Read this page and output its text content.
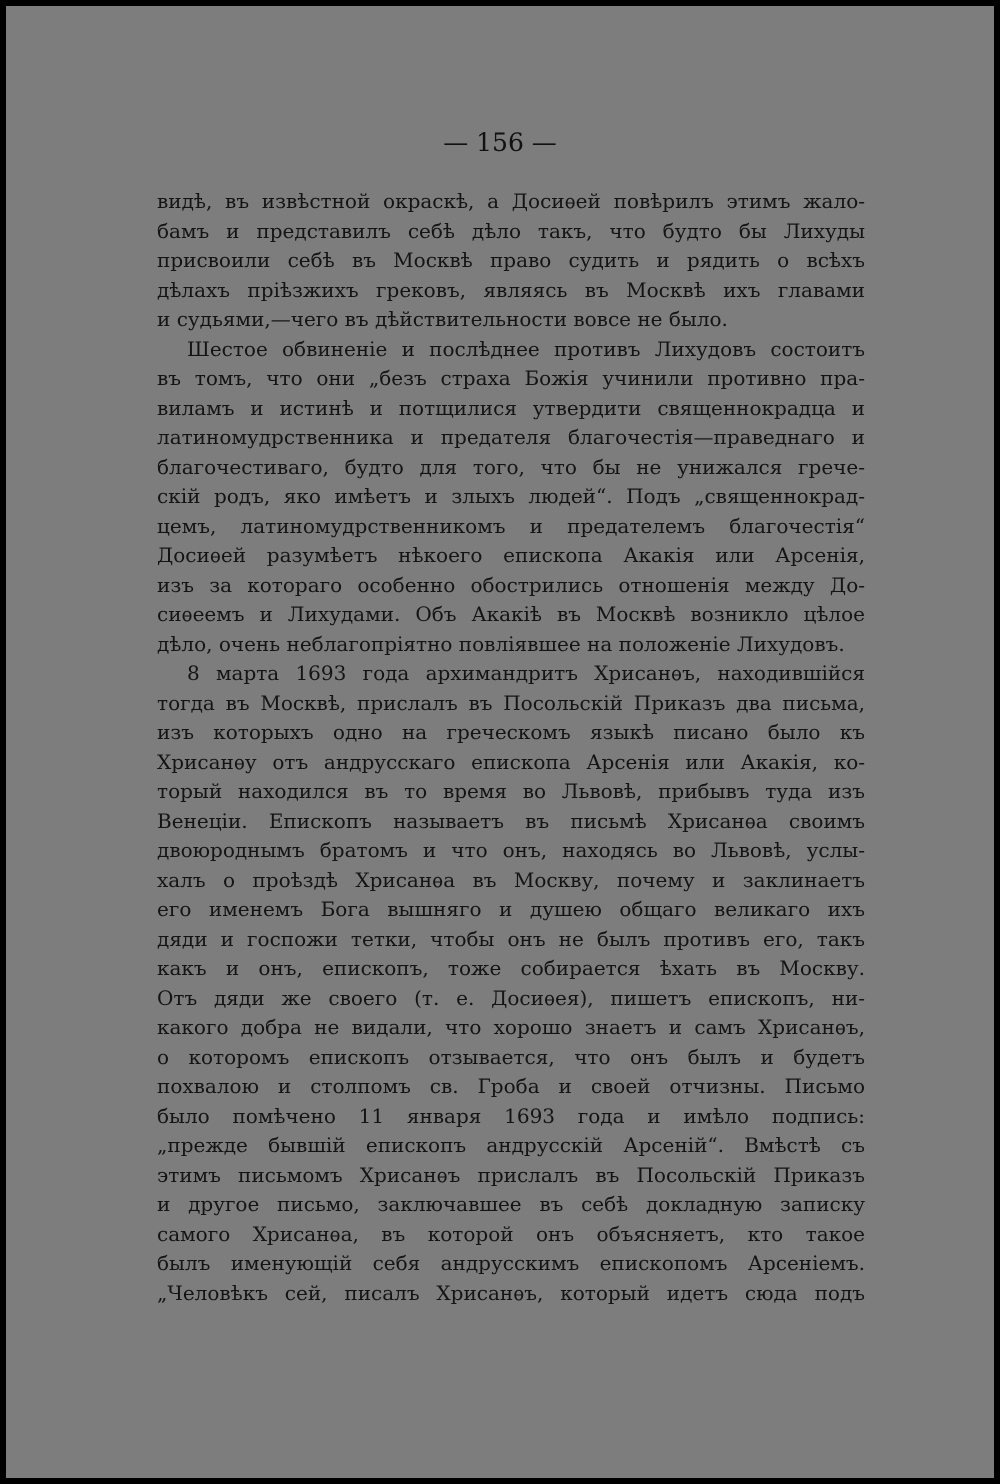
— 156 —
видѣ, въ извѣстной окраскѣ, а Досиѳей повѣрилъ этимъ жало-
бамъ и представилъ себѣ дѣло такъ, что будто бы Лихуды
присвоили себѣ въ Москвѣ право судить и рядить о всѣхъ
дѣлахъ пріѣзжихъ грековъ, являясь въ Москвѣ ихъ главами
и судьями,—чего въ дѣйствительности вовсе не было.
Шестое обвиненіе и послѣднее противъ Лихудовъ состоитъ
въ томъ, что они „безъ страха Божія учинили противно пра-
виламъ и истинѣ и потщилися утвердити священнокрадца и
латиномудрственника и предателя благочестія—праведнаго и
благочестиваго, будто для того, что бы не унижался грече-
скій родъ, яко имѣетъ и злыхъ людей“. Подъ „священнокрад-
цемъ, латиномудрственникомъ и предателемъ благочестія“
Досиѳей разумѣетъ нѣкоего епископа Акакія или Арсенія,
изъ за котораго особенно обострились отношенія между До-
сиѳеемъ и Лихудами. Объ Акакіѣ въ Москвѣ возникло цѣлое
дѣло, очень неблагопріятно повліявшее на положеніе Лихудовъ.
8 марта 1693 года архимандритъ Хрисанѳъ, находившійся
тогда въ Москвѣ, прислалъ въ Посольскій Приказъ два письма,
изъ которыхъ одно на греческомъ языкѣ писано было къ
Хрисанѳу отъ андрусскаго епископа Арсенія или Акакія, ко-
торый находился въ то время во Львовѣ, прибывъ туда изъ
Венеціи. Епископъ называетъ въ письмѣ Хрисанѳа своимъ
двоюроднымъ братомъ и что онъ, находясь во Львовѣ, услы-
халъ о проѣздѣ Хрисанѳа въ Москву, почему и заклинаетъ
его именемъ Бога вышняго и душею общаго великаго ихъ
дяди и госпожи тетки, чтобы онъ не былъ противъ его, такъ
какъ и онъ, епископъ, тоже собирается ѣхать въ Москву.
Отъ дяди же своего (т. е. Досиѳея), пишетъ епископъ, ни-
какого добра не видали, что хорошо знаетъ и самъ Хрисанѳъ,
о которомъ епископъ отзывается, что онъ былъ и будетъ
похвалою и столпомъ св. Гроба и своей отчизны. Письмо
было помѣчено 11 января 1693 года и имѣло подпись:
„прежде бывшій епископъ андрусскій Арсеній“. Вмѣстѣ съ
этимъ письмомъ Хрисанѳъ прислалъ въ Посольскій Приказъ
и другое письмо, заключавшее въ себѣ докладную записку
самого Хрисанѳа, въ которой онъ объясняетъ, кто такое
былъ именующій себя андрусскимъ епископомъ Арсеніемъ.
„Человѣкъ сей, писалъ Хрисанѳъ, который идетъ сюда подъ
